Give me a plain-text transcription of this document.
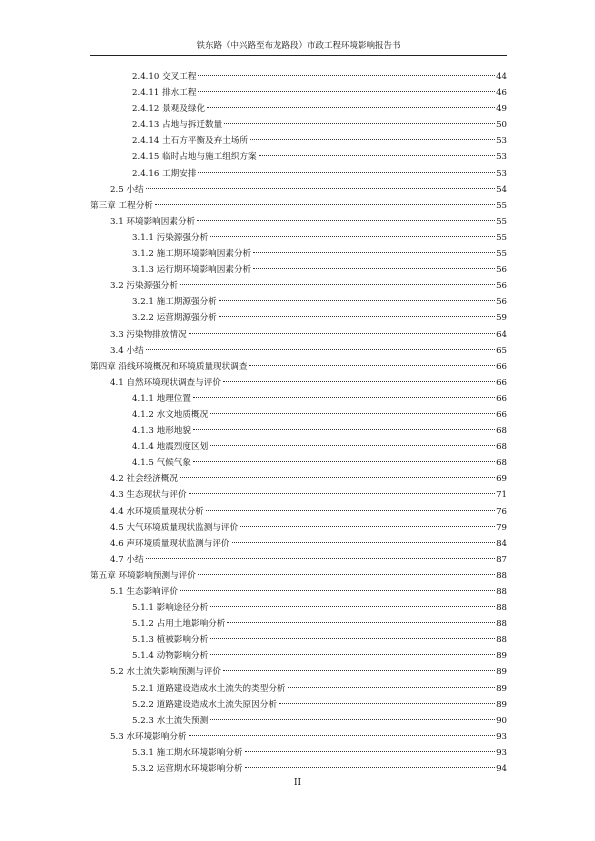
铁东路（中兴路至布龙路段）市政工程环境影响报告书
2.4.10 交叉工程	44
2.4.11 排水工程	46
2.4.12 景观及绿化	49
2.4.13 占地与拆迁数量	50
2.4.14 土石方平衡及弃土场所	53
2.4.15 临时占地与施工组织方案	53
2.4.16 工期安排	53
2.5 小结	54
第三章 工程分析	55
3.1 环境影响因素分析	55
3.1.1 污染源强分析	55
3.1.2 施工期环境影响因素分析	55
3.1.3 运行期环境影响因素分析	56
3.2 污染源强分析	56
3.2.1 施工期源强分析	56
3.2.2 运营期源强分析	59
3.3 污染物排放情况	64
3.4 小结	65
第四章 沿线环境概况和环境质量现状调查	66
4.1 自然环境现状调查与评价	66
4.1.1 地理位置	66
4.1.2 水文地质概况	66
4.1.3 地形地貌	68
4.1.4 地震烈度区划	68
4.1.5 气候气象	68
4.2 社会经济概况	69
4.3 生态现状与评价	71
4.4 水环境质量现状分析	76
4.5 大气环境质量现状监测与评价	79
4.6 声环境质量现状监测与评价	84
4.7 小结	87
第五章 环境影响预测与评价	88
5.1 生态影响评价	88
5.1.1 影响途径分析	88
5.1.2 占用土地影响分析	88
5.1.3 植被影响分析	88
5.1.4 动物影响分析	89
5.2 水土流失影响预测与评价	89
5.2.1 道路建设造成水土流失的类型分析	89
5.2.2 道路建设造成水土流失原因分析	89
5.2.3 水土流失预测	90
5.3 水环境影响分析	93
5.3.1 施工期水环境影响分析	93
5.3.2 运营期水环境影响分析	94
II
